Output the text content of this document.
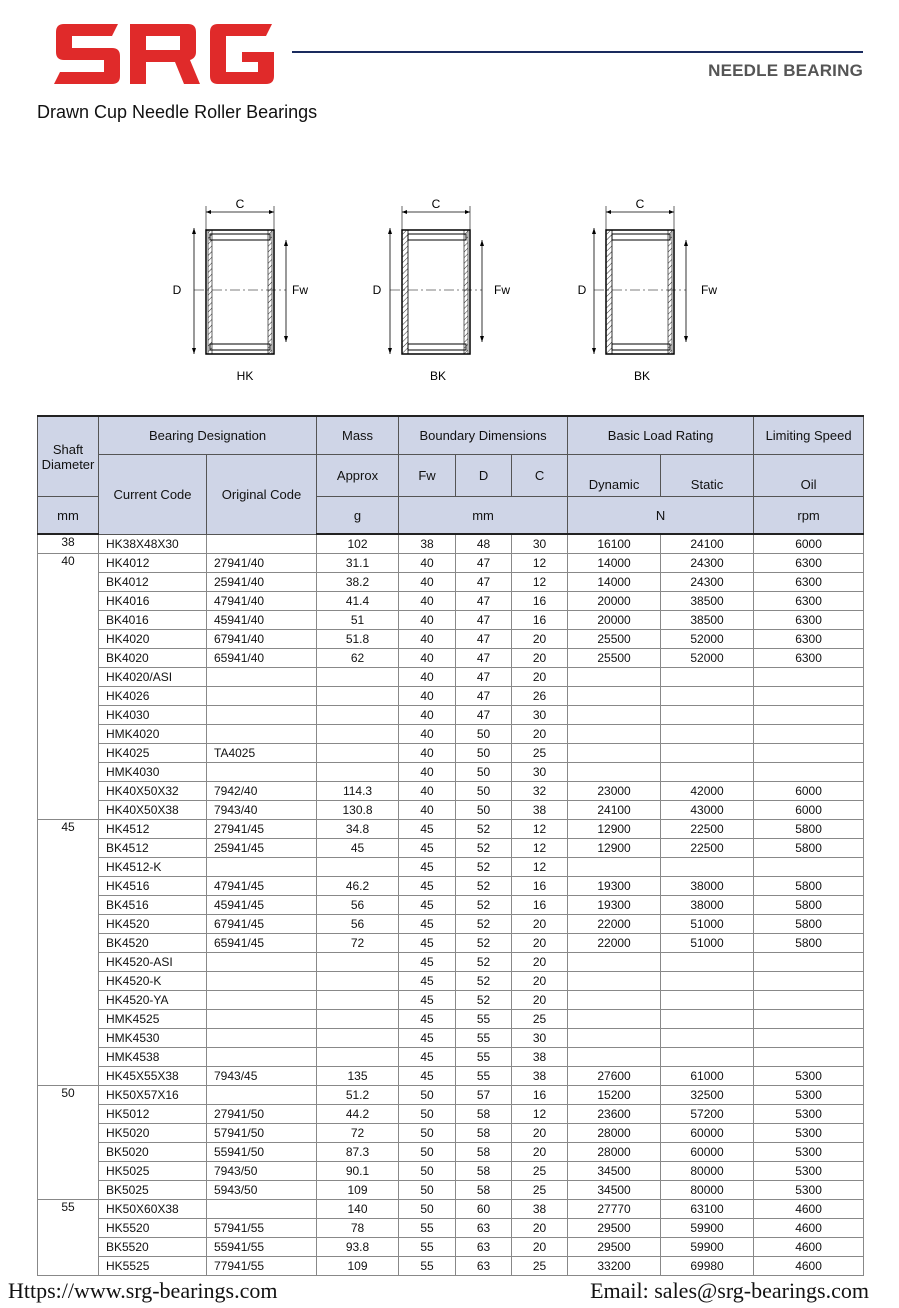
NEEDLE BEARING
Drawn Cup Needle Roller Bearings
C
D	Fw
HK
C
D	Fw
BK
C
D	Fw
BK
Shaft Diameter	Bearing Designation		Mass	Boundary Dimensions			Basic Load Rating		Limiting Speed
	Current Code	Original Code	Approx	Fw	D	C	Dynamic	Static	Oil
mm			g	mm			N		rpm
38	HK38X48X30		102	38	48	30	16100	24100	6000
40	HK4012	27941/40	31.1	40	47	12	14000	24300	6300
	BK4012	25941/40	38.2	40	47	12	14000	24300	6300
	HK4016	47941/40	41.4	40	47	16	20000	38500	6300
	BK4016	45941/40	51	40	47	16	20000	38500	6300
	HK4020	67941/40	51.8	40	47	20	25500	52000	6300
	BK4020	65941/40	62	40	47	20	25500	52000	6300
	HK4020/ASI			40	47	20			
	HK4026			40	47	26			
	HK4030			40	47	30			
	HMK4020			40	50	20			
	HK4025	TA4025		40	50	25			
	HMK4030			40	50	30			
	HK40X50X32	7942/40	114.3	40	50	32	23000	42000	6000
	HK40X50X38	7943/40	130.8	40	50	38	24100	43000	6000
45	HK4512	27941/45	34.8	45	52	12	12900	22500	5800
	BK4512	25941/45	45	45	52	12	12900	22500	5800
	HK4512-K			45	52	12			
	HK4516	47941/45	46.2	45	52	16	19300	38000	5800
	BK4516	45941/45	56	45	52	16	19300	38000	5800
	HK4520	67941/45	56	45	52	20	22000	51000	5800
	BK4520	65941/45	72	45	52	20	22000	51000	5800
	HK4520-ASI			45	52	20			
	HK4520-K			45	52	20			
	HK4520-YA			45	52	20			
	HMK4525			45	55	25			
	HMK4530			45	55	30			
	HMK4538			45	55	38			
	HK45X55X38	7943/45	135	45	55	38	27600	61000	5300
50	HK50X57X16		51.2	50	57	16	15200	32500	5300
	HK5012	27941/50	44.2	50	58	12	23600	57200	5300
	HK5020	57941/50	72	50	58	20	28000	60000	5300
	BK5020	55941/50	87.3	50	58	20	28000	60000	5300
	HK5025	7943/50	90.1	50	58	25	34500	80000	5300
	BK5025	5943/50	109	50	58	25	34500	80000	5300
55	HK50X60X38		140	50	60	38	27770	63100	4600
	HK5520	57941/55	78	55	63	20	29500	59900	4600
	BK5520	55941/55	93.8	55	63	20	29500	59900	4600
	HK5525	77941/55	109	55	63	25	33200	69980	4600
Https://www.srg-bearings.com	Email: sales@srg-bearings.com
